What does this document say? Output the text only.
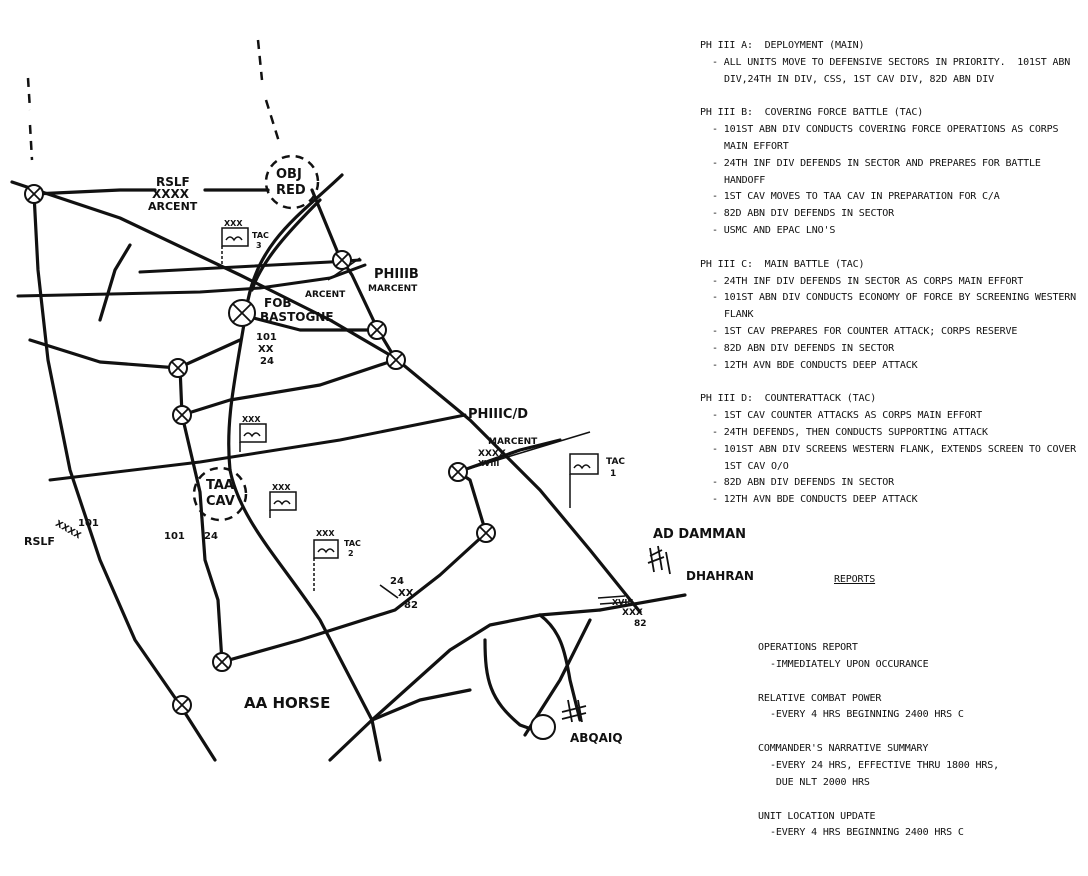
RSLF
XXXX
ARCENT
OBJ
RED
TAC
3
XXX
PHIIIB
ARCENT
MARCENT
FOB
BASTOGNE
101
XX
24
PHIIIC/D
MARCENT
XXXX
XVIII	TAC
1
TAA
CAV
XXX
XXX
RSLF
101
XXXX	101 24	XXX
TAC
2
24
XX
82
AD DAMMAN
DHAHRAN
XVIII
XXX
82
AA HORSE
ABQAIQ
PH III A:  DEPLOYMENT (MAIN)
- ALL UNITS MOVE TO DEFENSIVE SECTORS IN PRIORITY.  101ST ABN
DIV,24TH IN DIV, CSS, 1ST CAV DIV, 82D ABN DIV
PH III B:  COVERING FORCE BATTLE (TAC)
- 101ST ABN DIV CONDUCTS COVERING FORCE OPERATIONS AS CORPS
MAIN EFFORT
- 24TH INF DIV DEFENDS IN SECTOR AND PREPARES FOR BATTLE
HANDOFF
- 1ST CAV MOVES TO TAA CAV IN PREPARATION FOR C/A
- 82D ABN DIV DEFENDS IN SECTOR
- USMC AND EPAC LNO'S
PH III C:  MAIN BATTLE (TAC)
- 24TH INF DIV DEFENDS IN SECTOR AS CORPS MAIN EFFORT
- 101ST ABN DIV CONDUCTS ECONOMY OF FORCE BY SCREENING WESTERN
FLANK
- 1ST CAV PREPARES FOR COUNTER ATTACK; CORPS RESERVE
- 82D ABN DIV DEFENDS IN SECTOR
- 12TH AVN BDE CONDUCTS DEEP ATTACK
PH III D:  COUNTERATTACK (TAC)
- 1ST CAV COUNTER ATTACKS AS CORPS MAIN EFFORT
- 24TH DEFENDS, THEN CONDUCTS SUPPORTING ATTACK
- 101ST ABN DIV SCREENS WESTERN FLANK, EXTENDS SCREEN TO COVER
1ST CAV O/O
- 82D ABN DIV DEFENDS IN SECTOR
- 12TH AVN BDE CONDUCTS DEEP ATTACK

REPORTS

OPERATIONS REPORT
-IMMEDIATELY UPON OCCURANCE
RELATIVE COMBAT POWER
-EVERY 4 HRS BEGINNING 2400 HRS C
COMMANDER'S NARRATIVE SUMMARY
-EVERY 24 HRS, EFFECTIVE THRU 1800 HRS,
DUE NLT 2000 HRS
UNIT LOCATION UPDATE
-EVERY 4 HRS BEGINNING 2400 HRS C
